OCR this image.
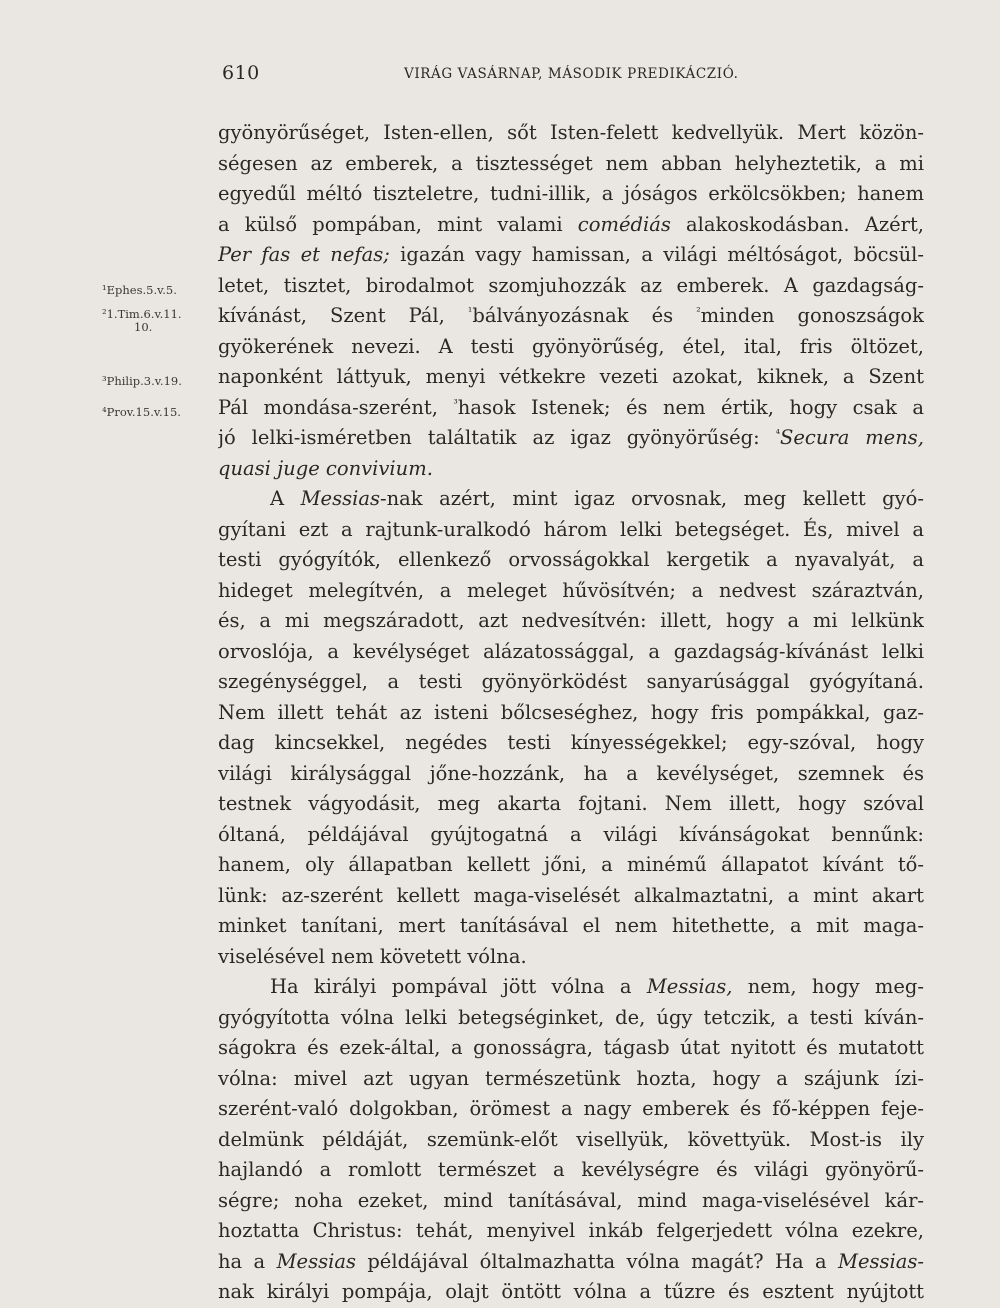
610	VIRÁG VASÁRNAP, MÁSODIK PREDIKÁCZIÓ.
¹Ephes.5.v.5.
²1.Tim.6.v.11.
10.
³Philip.3.v.19.
⁴Prov.15.v.15.
gyönyörűséget, Isten-ellen, sőt Isten-felett kedvellyük. Mert közön-
ségesen az emberek, a tisztességet nem abban helyheztetik, a mi
egyedűl méltó tiszteletre, tudni-illik, a jóságos erkölcsökben; hanem
a külső pompában, mint valami comédiás alakoskodásban. Azért,
Per fas et nefas; igazán vagy hamissan, a világi méltóságot, böcsül-
letet, tisztet, birodalmot szomjuhozzák az emberek. A gazdagság-
kívánást, Szent Pál, $^{^1}$bálványozásnak és $^{^2}$minden gonoszságok
gyökerének nevezi. A testi gyönyörűség, étel, ital, fris öltözet,
naponként láttyuk, menyi vétkekre vezeti azokat, kiknek, a Szent
Pál mondása-szerént, $^{^3}$hasok Istenek; és nem értik, hogy csak a
jó lelki-isméretben találtatik az igaz gyönyörűség: $^{^4}$Secura mens,
quasi juge convivium.
A Messias-nak azért, mint igaz orvosnak, meg kellett gyó-
gyítani ezt a rajtunk-uralkodó három lelki betegséget. És, mivel a
testi gyógyítók, ellenkező orvosságokkal kergetik a nyavalyát, a
hideget melegítvén, a meleget hűvösítvén; a nedvest száraztván,
és, a mi megszáradott, azt nedvesítvén: illett, hogy a mi lelkünk
orvoslója, a kevélységet alázatossággal, a gazdagság-kívánást lelki
szegénységgel, a testi gyönyörködést sanyarúsággal gyógyítaná.
Nem illett tehát az isteni bőlcseséghez, hogy fris pompákkal, gaz-
dag kincsekkel, negédes testi kínyességekkel; egy-szóval, hogy
világi királysággal jőne-hozzánk, ha a kevélységet, szemnek és
testnek vágyodásit, meg akarta fojtani. Nem illett, hogy szóval
óltaná, példájával gyújtogatná a világi kívánságokat bennűnk:
hanem, oly állapatban kellett jőni, a minémű állapatot kívánt tő-
lünk: az-szerént kellett maga-viselését alkalmaztatni, a mint akart
minket tanítani, mert tanításával el nem hitethette, a mit maga-
viselésével nem követett vólna.
Ha királyi pompával jött vólna a Messias, nem, hogy meg-
gyógyította vólna lelki betegséginket, de, úgy tetczik, a testi kíván-
ságokra és ezek-által, a gonosságra, tágasb útat nyitott és mutatott
vólna: mivel azt ugyan természetünk hozta, hogy a szájunk ízi-
szerént-való dolgokban, örömest a nagy emberek és fő-képpen feje-
delmünk példáját, szemünk-előt visellyük, követtyük. Most-is ily
hajlandó a romlott természet a kevélységre és világi gyönyörű-
ségre; noha ezeket, mind tanításával, mind maga-viselésével kár-
hoztatta Christus: tehát, menyivel inkáb felgerjedett vólna ezekre,
ha a Messias példájával óltalmazhatta vólna magát? Ha a Messias-
nak királyi pompája, olajt öntött vólna a tűzre és esztent nyújtott
